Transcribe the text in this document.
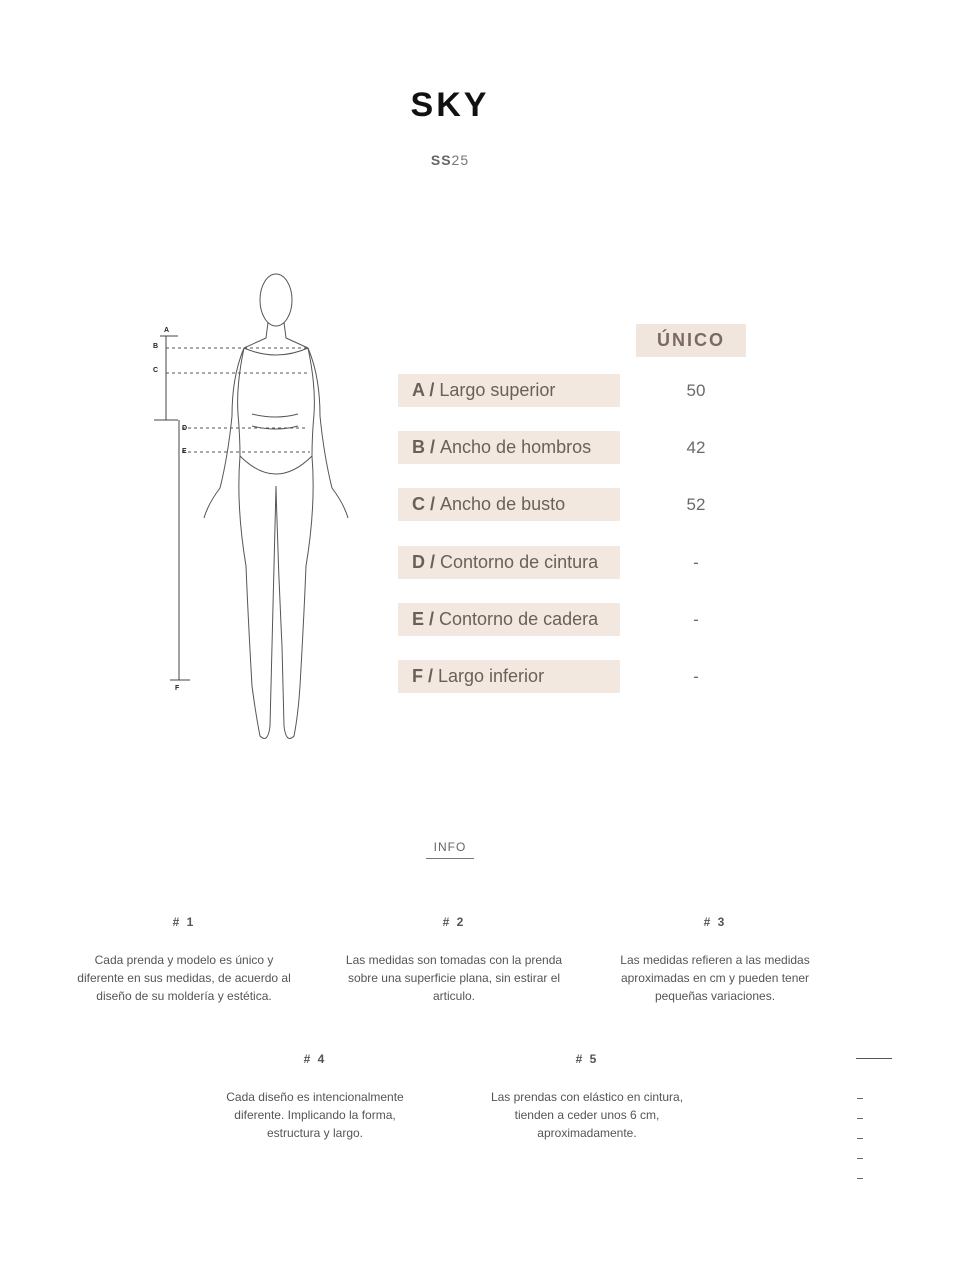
SKY
SS25
A
B
C
D
E
F
ÚNICO
A / Largo superior	50
B / Ancho de hombros	42
C / Ancho de busto	52
D / Contorno de cintura	-
E / Contorno de cadera	-
F / Largo inferior	-
INFO
# 1
Cada prenda y modelo es único y diferente en sus medidas, de acuerdo al diseño de su moldería y estética.
# 2
Las medidas son tomadas con la prenda sobre una superficie plana, sin estirar el articulo.
# 3
Las medidas refieren a las medidas aproximadas en cm y pueden tener pequeñas variaciones.
# 4
Cada diseño es intencionalmente diferente. Implicando la forma, estructura y largo.
# 5
Las prendas con elástico en cintura, tienden a ceder unos 6 cm, aproximadamente.
